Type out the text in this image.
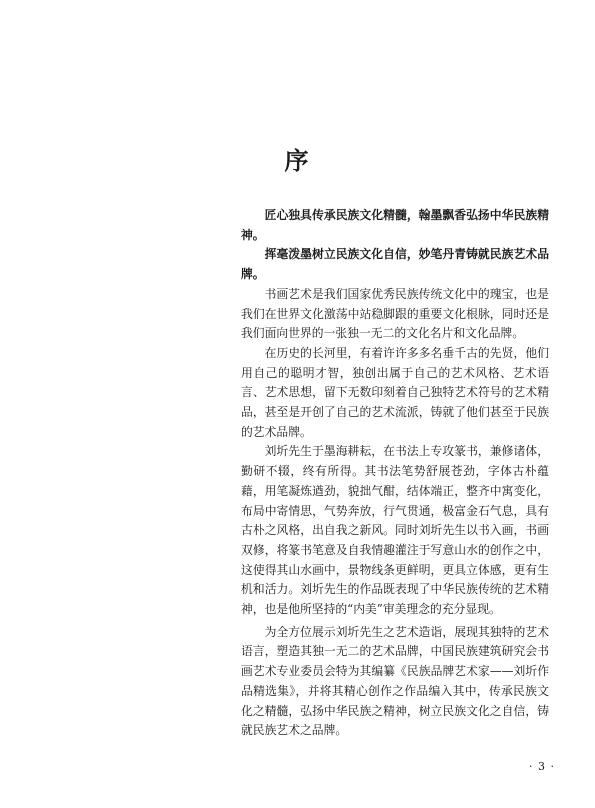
序

匠心独具传承民族文化精髓，翰墨飘香弘扬中华民族精神。

挥毫泼墨树立民族文化自信，妙笔丹青铸就民族艺术品牌。

书画艺术是我们国家优秀民族传统文化中的瑰宝，也是我们在世界文化激荡中站稳脚跟的重要文化根脉，同时还是我们面向世界的一张独一无二的文化名片和文化品牌。

在历史的长河里，有着许许多多名垂千古的先贤，他们用自己的聪明才智，独创出属于自己的艺术风格、艺术语言、艺术思想，留下无数印刻着自己独特艺术符号的艺术精品，甚至是开创了自己的艺术流派，铸就了他们甚至于民族的艺术品牌。

刘圻先生于墨海耕耘，在书法上专攻篆书，兼修诸体，勤研不辍，终有所得。其书法笔势舒展苍劲，字体古朴蕴藉，用笔凝炼遒劲，貌拙气酣，结体端正，整齐中寓变化，布局中寄情思，气势奔放，行气贯通，极富金石气息，具有古朴之风格，出自我之新风。同时刘圻先生以书入画，书画双修，将篆书笔意及自我情趣灌注于写意山水的创作之中，这使得其山水画中，景物线条更鲜明，更具立体感，更有生机和活力。刘圻先生的作品既表现了中华民族传统的艺术精神，也是他所坚持的“内美”审美理念的充分显现。

为全方位展示刘圻先生之艺术造诣，展现其独特的艺术语言，塑造其独一无二的艺术品牌，中国民族建筑研究会书画艺术专业委员会特为其编纂《民族品牌艺术家——刘圻作品精选集》，并将其精心创作之作品编入其中，传承民族文化之精髓，弘扬中华民族之精神，树立民族文化之自信，铸就民族艺术之品牌。

· 3 ·
